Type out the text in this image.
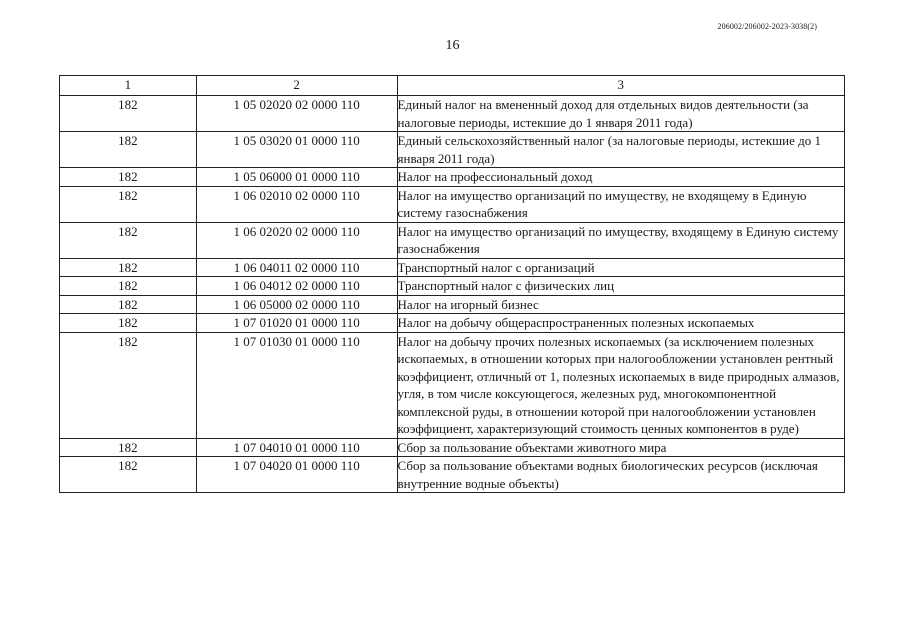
206002/206002-2023-3038(2)
16
1	2	3
182	1 05 02020 02 0000 110	Единый налог на вмененный доход для отдельных видов деятельности (за налоговые периоды, истекшие до 1 января 2011 года)
182	1 05 03020 01 0000 110	Единый сельскохозяйственный налог (за налоговые периоды, истекшие до 1 января 2011 года)
182	1 05 06000 01 0000 110	Налог на профессиональный доход
182	1 06 02010 02 0000 110	Налог на имущество организаций по имуществу, не входящему в Единую систему газоснабжения
182	1 06 02020 02 0000 110	Налог на имущество организаций по имуществу, входящему в Единую систему газоснабжения
182	1 06 04011 02 0000 110	Транспортный налог с организаций
182	1 06 04012 02 0000 110	Транспортный налог с физических лиц
182	1 06 05000 02 0000 110	Налог на игорный бизнес
182	1 07 01020 01 0000 110	Налог на добычу общераспространенных полезных ископаемых
182	1 07 01030 01 0000 110	Налог на добычу прочих полезных ископаемых (за исключением полезных ископаемых, в отношении которых при налогообложении установлен рентный коэффициент, отличный от 1, полезных ископаемых в виде природных алмазов, угля, в том числе коксующегося, железных руд, многокомпонентной комплексной руды, в отношении которой при налогообложении установлен коэффициент, характеризующий стоимость ценных компонентов в руде)
182	1 07 04010 01 0000 110	Сбор за пользование объектами животного мира
182	1 07 04020 01 0000 110	Сбор за пользование объектами водных биологических ресурсов (исключая внутренние водные объекты)
